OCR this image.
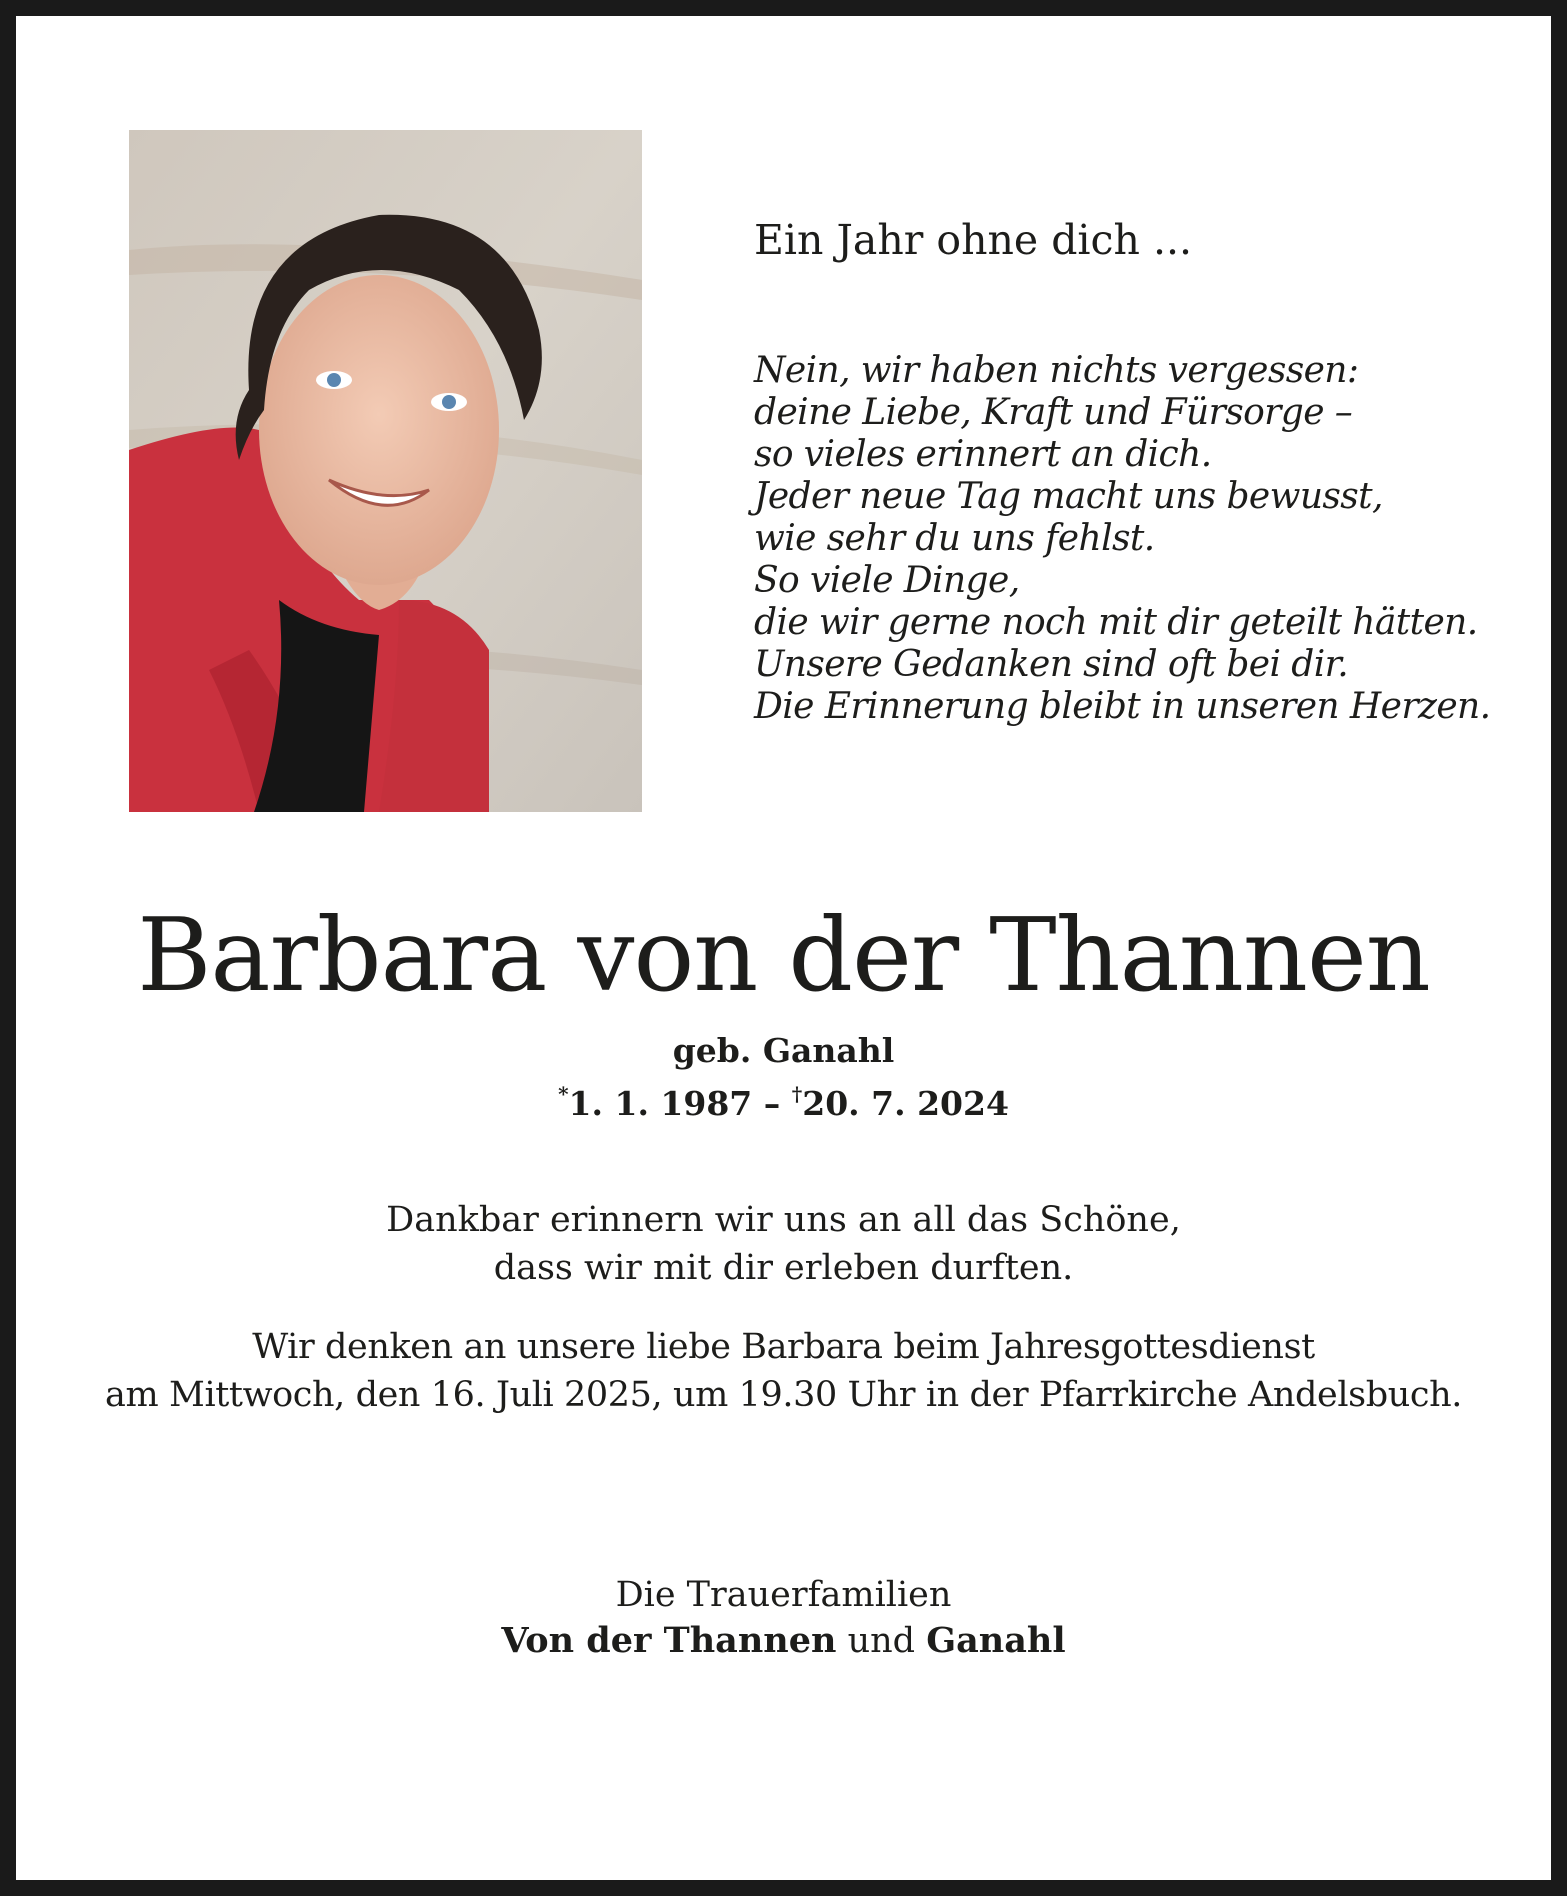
Ein Jahr ohne dich ...
Nein, wir haben nichts vergessen:
deine Liebe, Kraft und Fürsorge –
so vieles erinnert an dich.
Jeder neue Tag macht uns bewusst,
wie sehr du uns fehlst.
So viele Dinge,
die wir gerne noch mit dir geteilt hätten.
Unsere Gedanken sind oft bei dir.
Die Erinnerung bleibt in unseren Herzen.
Barbara von der Thannen
geb. Ganahl
*1. 1. 1987 – †20. 7. 2024
Dankbar erinnern wir uns an all das Schöne,
dass wir mit dir erleben durften.
Wir denken an unsere liebe Barbara beim Jahresgottesdienst
am Mittwoch, den 16. Juli 2025, um 19.30 Uhr in der Pfarrkirche Andelsbuch.
Die Trauerfamilien
Von der Thannen und Ganahl
